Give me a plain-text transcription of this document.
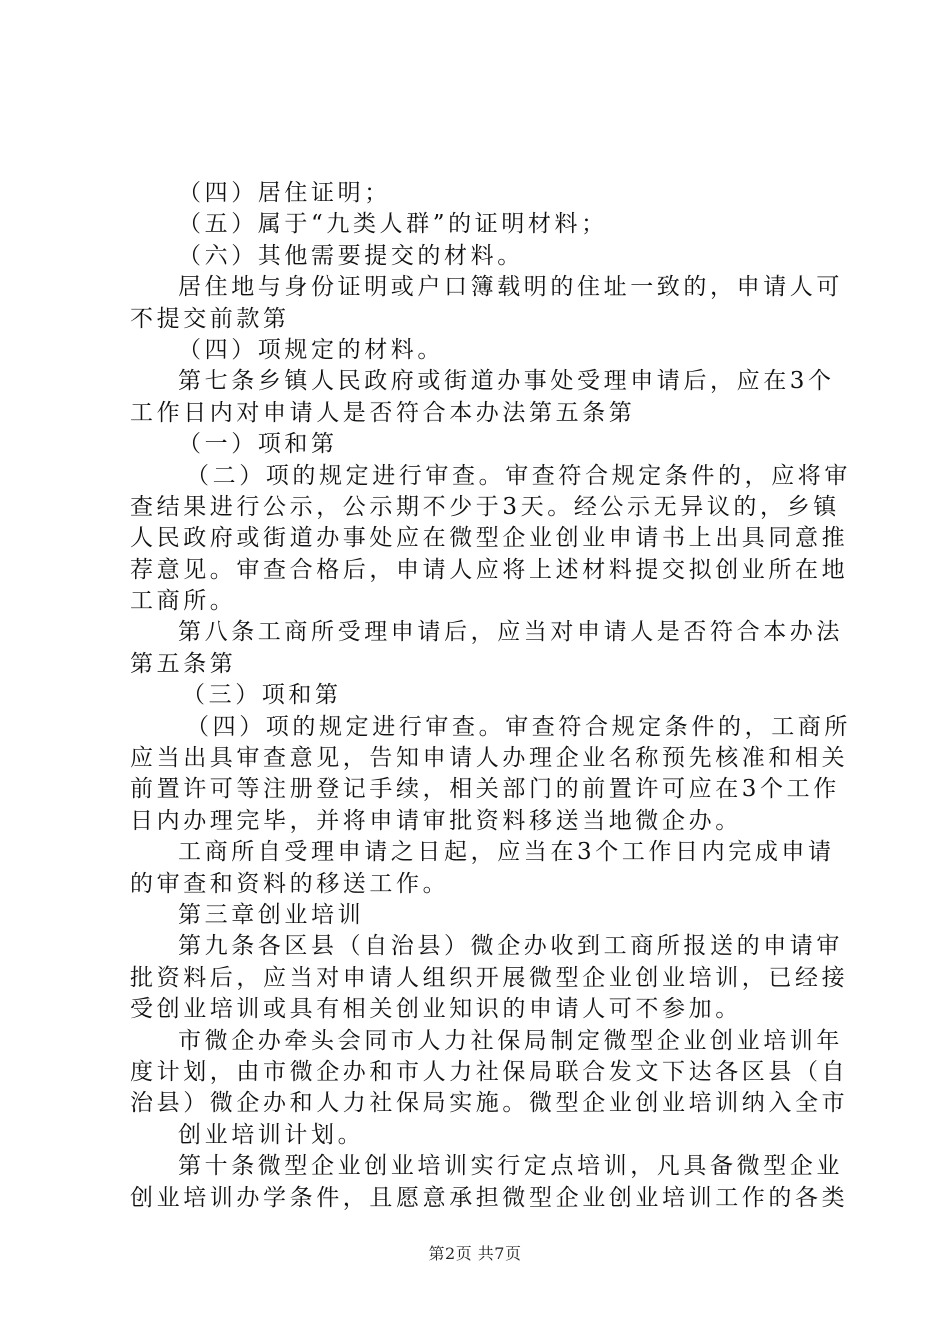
（四）居住证明；
（五）属于“九类人群”的证明材料；
（六）其他需要提交的材料。
居住地与身份证明或户口簿载明的住址一致的，申请人可
不提交前款第
（四）项规定的材料。
第七条乡镇人民政府或街道办事处受理申请后，应在3个
工作日内对申请人是否符合本办法第五条第
（一）项和第
（二）项的规定进行审查。审查符合规定条件的，应将审
查结果进行公示，公示期不少于3天。经公示无异议的，乡镇
人民政府或街道办事处应在微型企业创业申请书上出具同意推
荐意见。审查合格后，申请人应将上述材料提交拟创业所在地
工商所。
第八条工商所受理申请后，应当对申请人是否符合本办法
第五条第
（三）项和第
（四）项的规定进行审查。审查符合规定条件的，工商所
应当出具审查意见，告知申请人办理企业名称预先核准和相关
前置许可等注册登记手续，相关部门的前置许可应在3个工作
日内办理完毕，并将申请审批资料移送当地微企办。
工商所自受理申请之日起，应当在3个工作日内完成申请
的审查和资料的移送工作。
第三章创业培训
第九条各区县（自治县）微企办收到工商所报送的申请审
批资料后，应当对申请人组织开展微型企业创业培训，已经接
受创业培训或具有相关创业知识的申请人可不参加。
市微企办牵头会同市人力社保局制定微型企业创业培训年
度计划，由市微企办和市人力社保局联合发文下达各区县（自
治县）微企办和人力社保局实施。微型企业创业培训纳入全市
创业培训计划。
第十条微型企业创业培训实行定点培训，凡具备微型企业
创业培训办学条件，且愿意承担微型企业创业培训工作的各类
第2页 共7页
